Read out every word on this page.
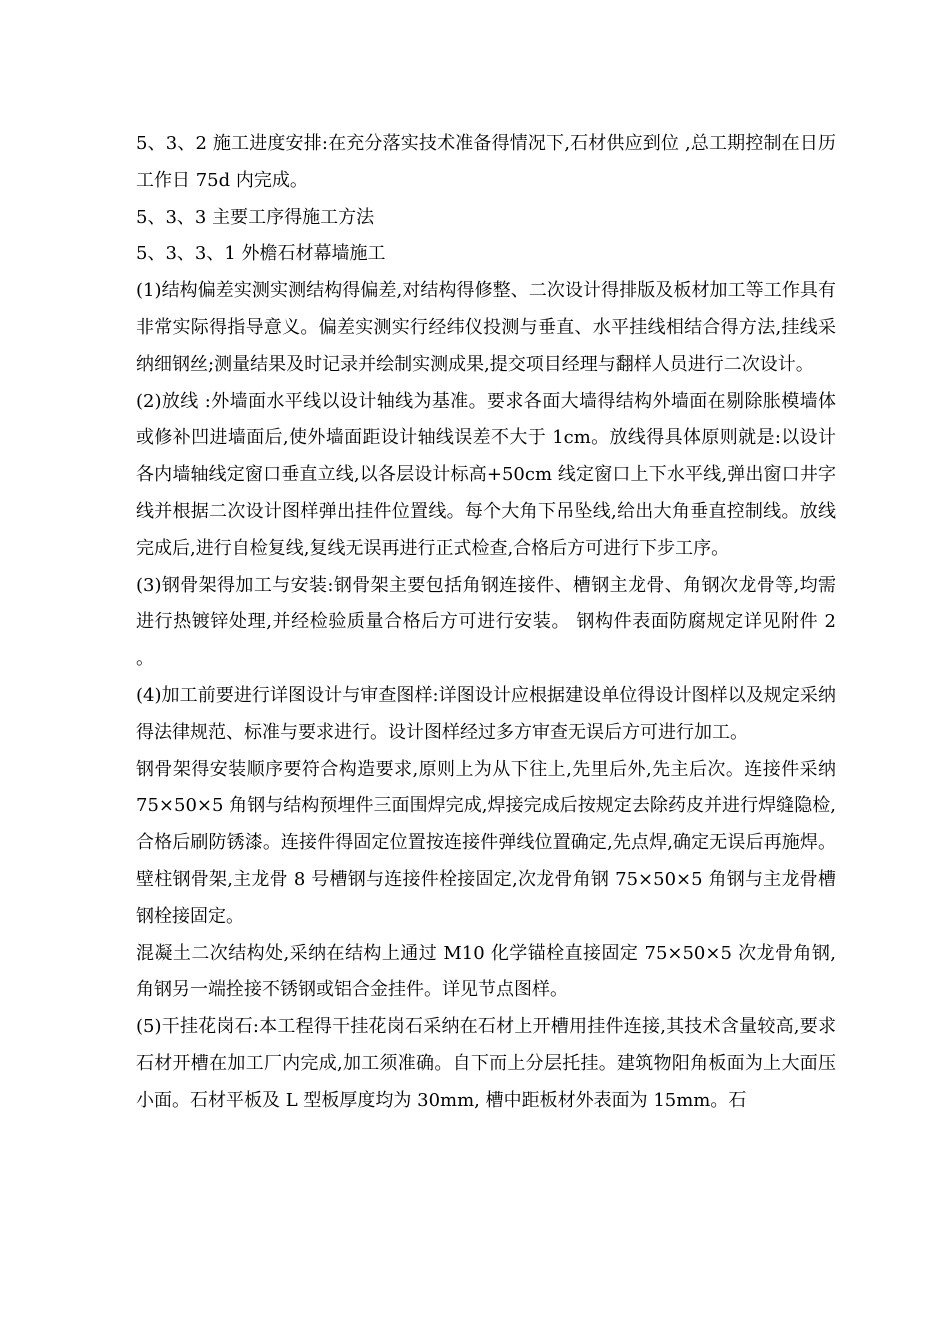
5、3、2 施工进度安排:在充分落实技术准备得情况下,石材供应到位 ,总工期控制在日历工作日 75d 内完成。

5、3、3 主要工序得施工方法

5、3、3、1 外檐石材幕墙施工

(1)结构偏差实测实测结构得偏差,对结构得修整、二次设计得排版及板材加工等工作具有非常实际得指导意义。偏差实测实行经纬仪投测与垂直、水平挂线相结合得方法,挂线采纳细钢丝;测量结果及时记录并绘制实测成果,提交项目经理与翻样人员进行二次设计。

(2)放线 :外墙面水平线以设计轴线为基准。要求各面大墙得结构外墙面在剔除胀模墙体或修补凹进墙面后,使外墙面距设计轴线误差不大于 1cm。放线得具体原则就是:以设计各内墙轴线定窗口垂直立线,以各层设计标高+50cm 线定窗口上下水平线,弹出窗口井字线并根据二次设计图样弹出挂件位置线。每个大角下吊坠线,给出大角垂直控制线。放线完成后,进行自检复线,复线无误再进行正式检查,合格后方可进行下步工序。

(3)钢骨架得加工与安装:钢骨架主要包括角钢连接件、槽钢主龙骨、角钢次龙骨等,均需进行热镀锌处理,并经检验质量合格后方可进行安装。 钢构件表面防腐规定详见附件 2 。

(4)加工前要进行详图设计与审查图样:详图设计应根据建设单位得设计图样以及规定采纳得法律规范、标准与要求进行。设计图样经过多方审查无误后方可进行加工。

钢骨架得安装顺序要符合构造要求,原则上为从下往上,先里后外,先主后次。连接件采纳 75×50×5 角钢与结构预埋件三面围焊完成,焊接完成后按规定去除药皮并进行焊缝隐检,合格后刷防锈漆。连接件得固定位置按连接件弹线位置确定,先点焊,确定无误后再施焊。壁柱钢骨架,主龙骨 8 号槽钢与连接件栓接固定,次龙骨角钢 75×50×5 角钢与主龙骨槽钢栓接固定。

混凝土二次结构处,采纳在结构上通过 M10 化学锚栓直接固定 75×50×5 次龙骨角钢,角钢另一端拴接不锈钢或铝合金挂件。详见节点图样。

(5)干挂花岗石:本工程得干挂花岗石采纳在石材上开槽用挂件连接,其技术含量较高,要求石材开槽在加工厂内完成,加工须准确。自下而上分层托挂。建筑物阳角板面为上大面压小面。石材平板及 L 型板厚度均为 30mm, 槽中距板材外表面为 15mm。石
